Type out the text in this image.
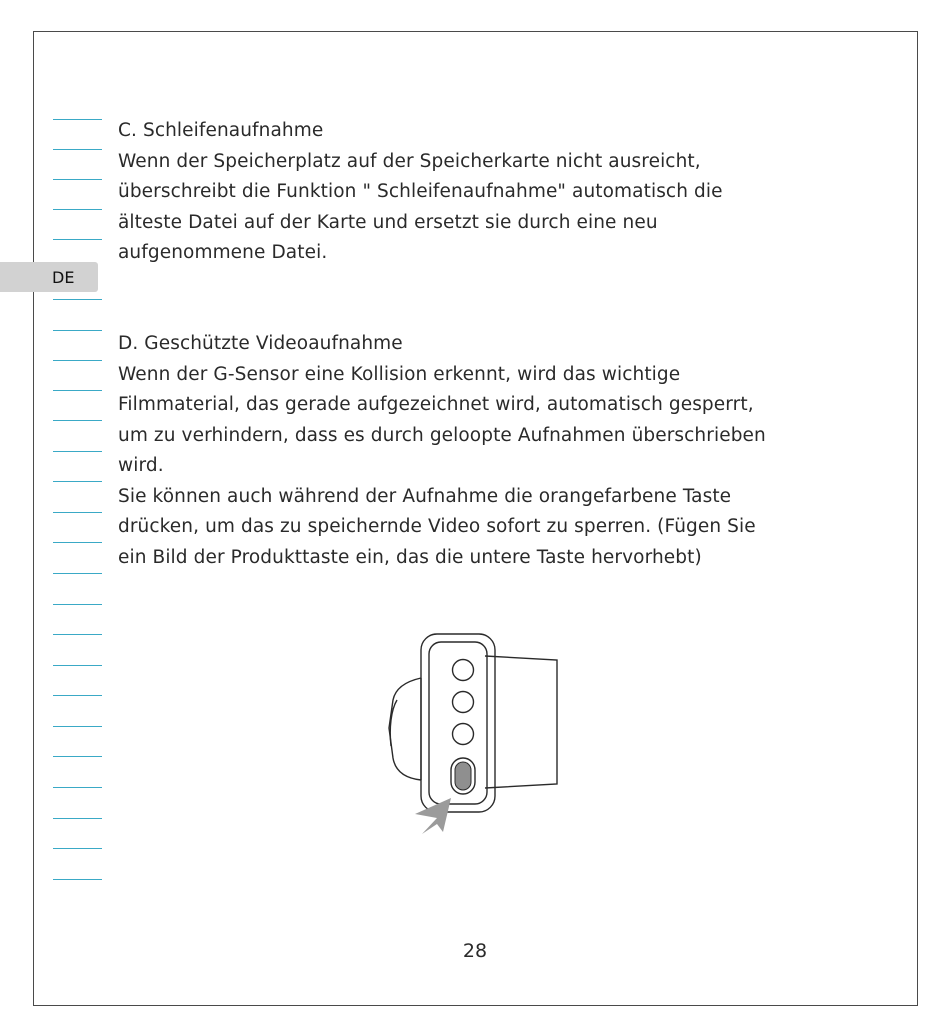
DE

C. Schleifenaufnahme

Wenn der Speicherplatz auf der Speicherkarte nicht ausreicht,

überschreibt die Funktion " Schleifenaufnahme" automatisch die

älteste Datei auf der Karte und ersetzt sie durch eine neu

aufgenommene Datei.

D. Geschützte Videoaufnahme

Wenn der G-Sensor eine Kollision erkennt, wird das wichtige

Filmmaterial, das gerade aufgezeichnet wird, automatisch gesperrt,

um zu verhindern, dass es durch geloopte Aufnahmen überschrieben

wird.

Sie können auch während der Aufnahme die orangefarbene Taste

drücken, um das zu speichernde Video sofort zu sperren. (Fügen Sie

ein Bild der Produkttaste ein, das die untere Taste hervorhebt)

28
